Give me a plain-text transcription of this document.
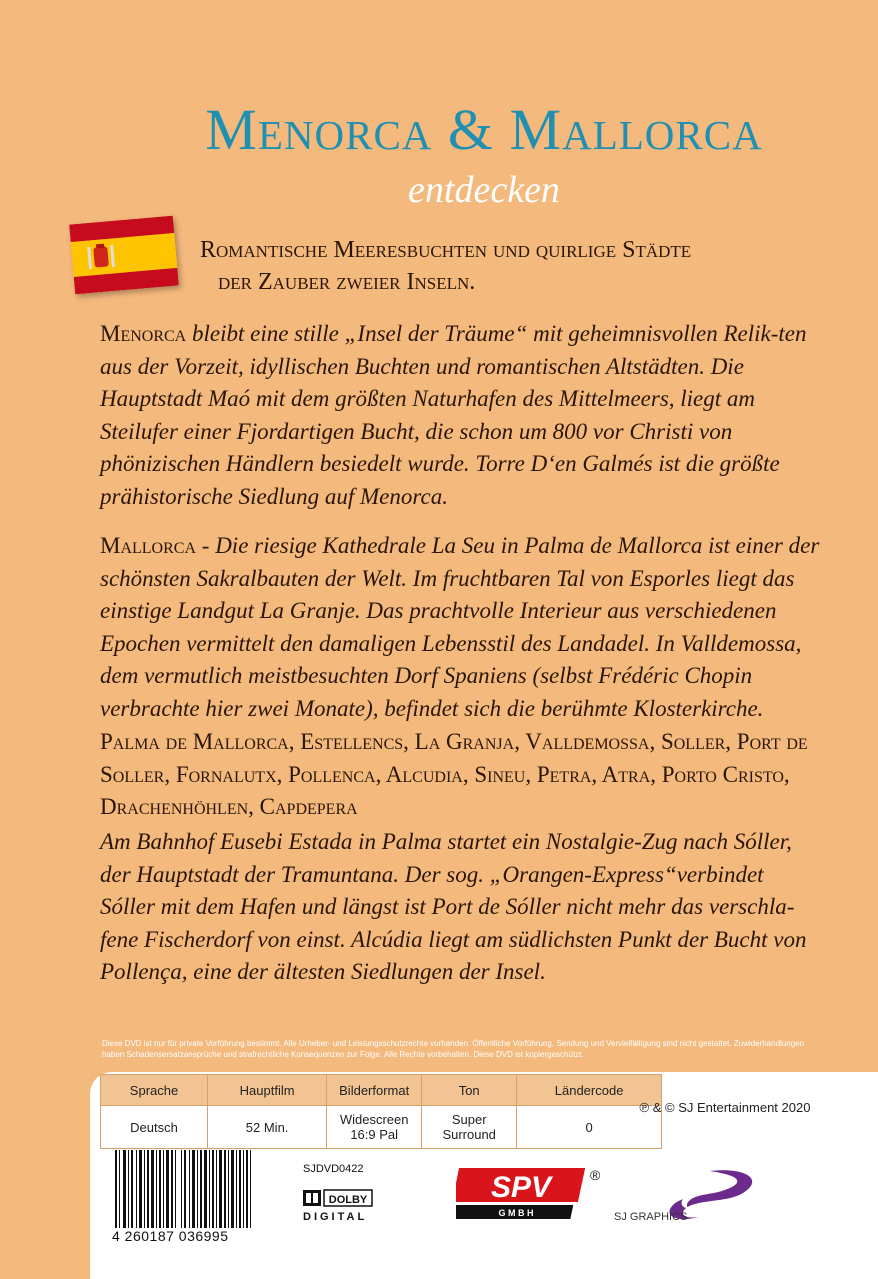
Menorca & Mallorca
entdecken
Romantische Meeresbuchten und quirlige Städte
der Zauber zweier Inseln.
Menorca bleibt eine stille „Insel der Träume“ mit geheimnisvollen Relik-ten aus der Vorzeit, idyllischen Buchten und romantischen Altstädten. Die Hauptstadt Maó mit dem größten Naturhafen des Mittelmeers, liegt am Steilufer einer Fjordartigen Bucht, die schon um 800 vor Christi von phönizischen Händlern besiedelt wurde. Torre D‘en Galmés ist die größte prähistorische Siedlung auf Menorca.
Mallorca - Die riesige Kathedrale La Seu in Palma de Mallorca ist einer der schönsten Sakralbauten der Welt. Im fruchtbaren Tal von Esporles liegt das einstige Landgut La Granje. Das prachtvolle Interieur aus verschiedenen Epochen vermittelt den damaligen Lebensstil des Landadel. In Valldemossa, dem vermutlich meistbesuchten Dorf Spaniens (selbst Frédéric Chopin verbrachte hier zwei Monate), befindet sich die berühmte Klosterkirche.
Palma de Mallorca, Estellencs, La Granja, Valldemossa, Soller, Port de Soller, Fornalutx, Pollenca, Alcudia, Sineu, Petra, Atra, Porto Cristo, Drachenhöhlen, Capdepera
Am Bahnhof Eusebi Estada in Palma startet ein Nostalgie-Zug nach Sóller, der Hauptstadt der Tramuntana. Der sog. „Orangen-Express“verbindet Sóller mit dem Hafen und längst ist Port de Sóller nicht mehr das verschla-fene Fischerdorf von einst. Alcúdia liegt am südlichsten Punkt der Bucht von Pollença, eine der ältesten Siedlungen der Insel.
Diese DVD ist nur für private Vorführung bestimmt. Alle Urheber- und Leistungsschutzrechte vorhanden. Öffentliche Vorführung, Sendung und Vervielfältigung sind nicht gestattet. Zuwiderhandlungen haben Schadensersatzansprüche und strafrechtliche Konsequenzen zur Folge. Alle Rechte vorbehalten. Diese DVD ist kopiergeschützt.
Sprache	Hauptfilm	Bilderformat	Ton	Ländercode	
Deutsch	52 Min.	Widescreen 16:9 Pal	Super Surround	0	
℗ & © SJ Entertainment 2020
4 260187 036995
SJDVD0422
DOLBY
DIGITAL
SPV
G M B H
®
SJ GRAPHICS
